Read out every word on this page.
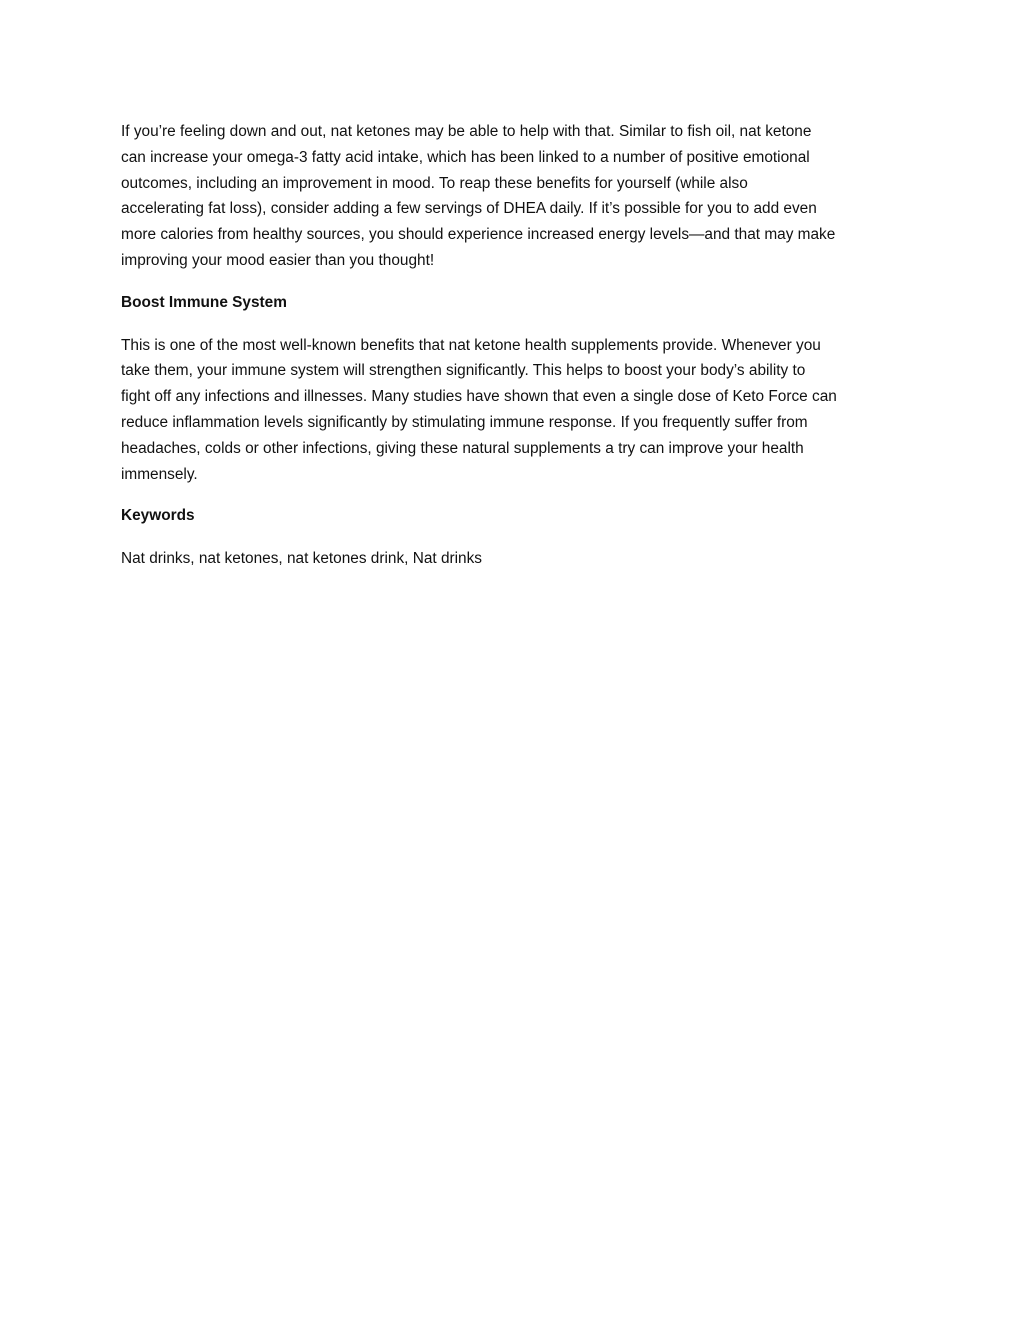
If you’re feeling down and out, nat ketones may be able to help with that. Similar to fish oil, nat ketone
can increase your omega-3 fatty acid intake, which has been linked to a number of positive emotional
outcomes, including an improvement in mood. To reap these benefits for yourself (while also
accelerating fat loss), consider adding a few servings of DHEA daily. If it’s possible for you to add even
more calories from healthy sources, you should experience increased energy levels—and that may make
improving your mood easier than you thought!

Boost Immune System

This is one of the most well-known benefits that nat ketone health supplements provide. Whenever you
take them, your immune system will strengthen significantly. This helps to boost your body’s ability to
fight off any infections and illnesses. Many studies have shown that even a single dose of Keto Force can
reduce inflammation levels significantly by stimulating immune response. If you frequently suffer from
headaches, colds or other infections, giving these natural supplements a try can improve your health
immensely.

Keywords

Nat drinks, nat ketones, nat ketones drink, Nat drinks
